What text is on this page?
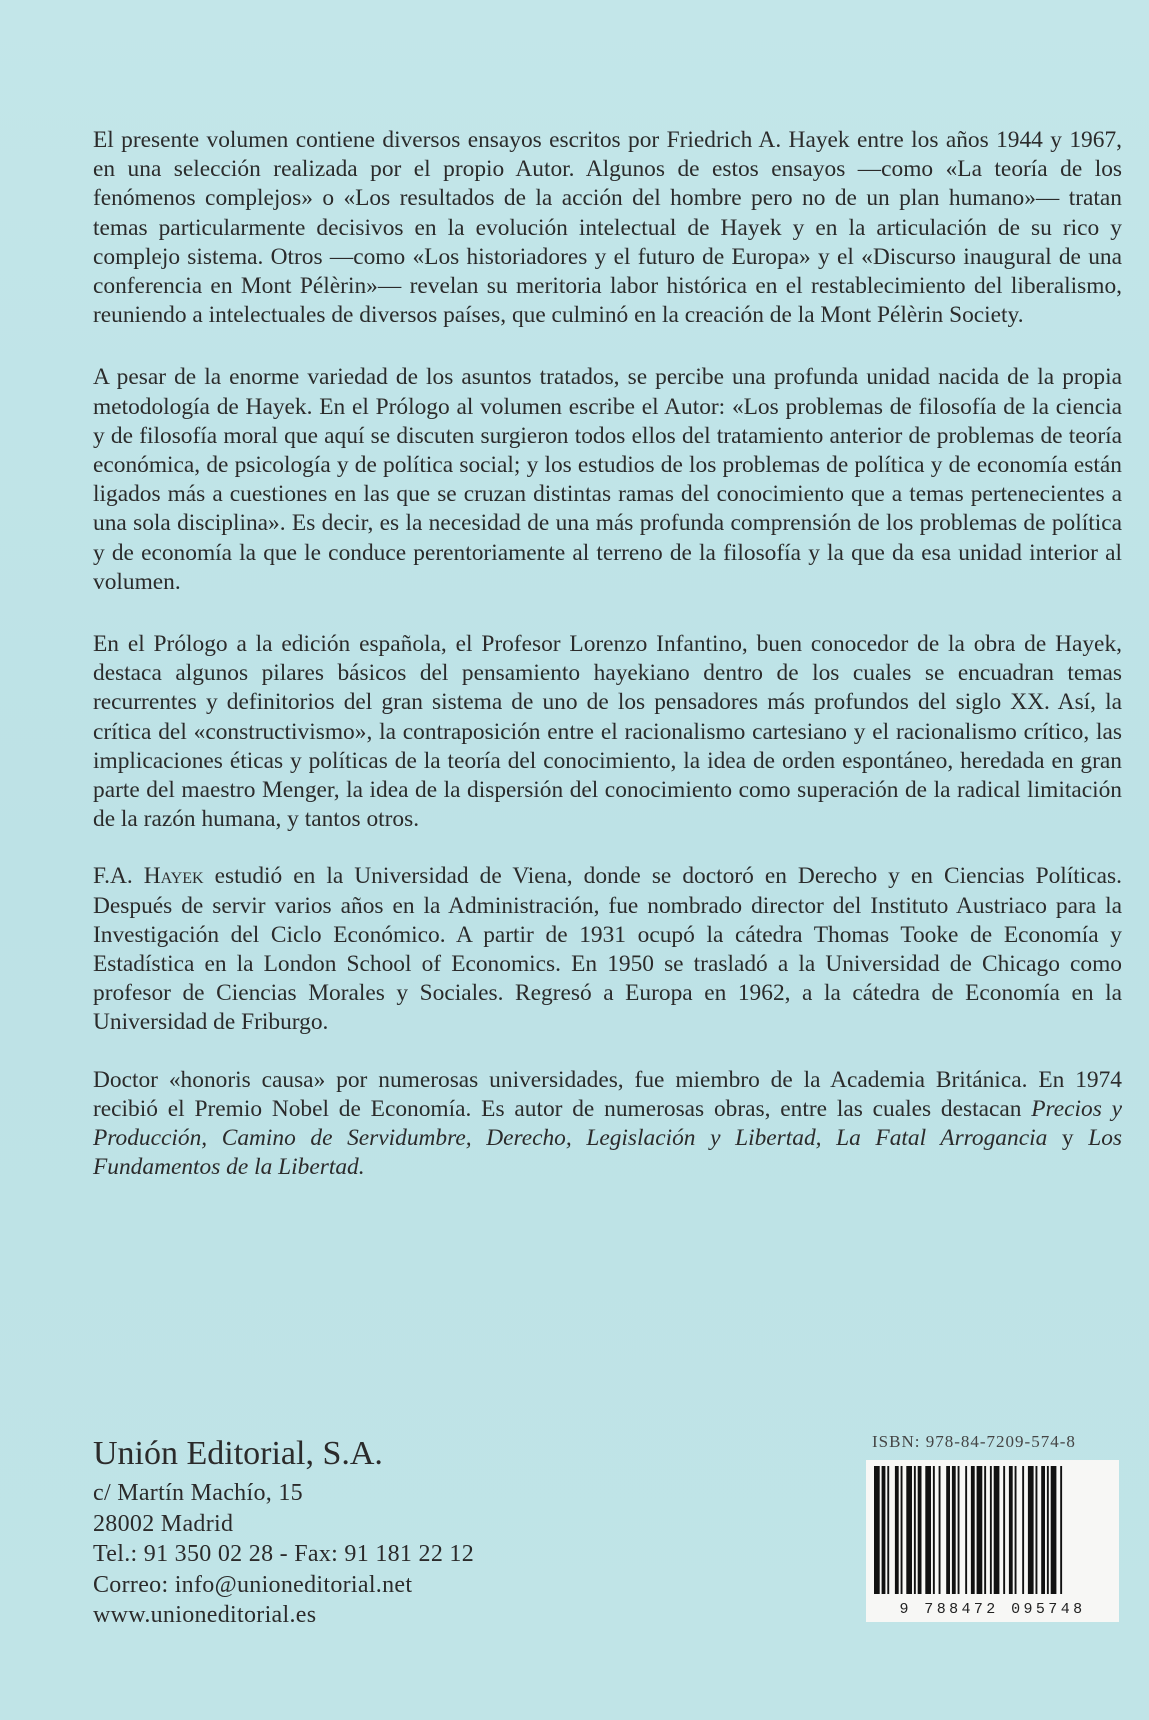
El presente volumen contiene diversos ensayos escritos por Friedrich A. Hayek entre los años 1944 y 1967, en una selección realizada por el propio Autor. Algunos de estos ensayos —como «La teoría de los fenómenos complejos» o «Los resultados de la acción del hombre pero no de un plan humano»— tratan temas particularmente decisivos en la evolución intelectual de Hayek y en la articulación de su rico y complejo sistema. Otros —como «Los historiadores y el futuro de Europa» y el «Discurso inaugural de una conferencia en Mont Pélèrin»— revelan su meritoria labor histórica en el restablecimiento del liberalismo, reuniendo a intelectuales de diversos países, que culminó en la creación de la Mont Pélèrin Society.

A pesar de la enorme variedad de los asuntos tratados, se percibe una profunda unidad nacida de la propia metodología de Hayek. En el Prólogo al volumen escribe el Autor: «Los problemas de filosofía de la ciencia y de filosofía moral que aquí se discuten surgieron todos ellos del tratamiento anterior de problemas de teoría económica, de psicología y de política social; y los estudios de los problemas de política y de economía están ligados más a cuestiones en las que se cruzan distintas ramas del conocimiento que a temas pertenecientes a una sola disciplina». Es decir, es la necesidad de una más profunda comprensión de los problemas de política y de economía la que le conduce perentoriamente al terreno de la filosofía y la que da esa unidad interior al volumen.

En el Prólogo a la edición española, el Profesor Lorenzo Infantino, buen conocedor de la obra de Hayek, destaca algunos pilares básicos del pensamiento hayekiano dentro de los cuales se encuadran temas recurrentes y definitorios del gran sistema de uno de los pensadores más profundos del siglo XX. Así, la crítica del «constructivismo», la contraposición entre el racionalismo cartesiano y el racionalismo crítico, las implicaciones éticas y políticas de la teoría del conocimiento, la idea de orden espontáneo, heredada en gran parte del maestro Menger, la idea de la dispersión del conocimiento como superación de la radical limitación de la razón humana, y tantos otros.

F.A. Hayek estudió en la Universidad de Viena, donde se doctoró en Derecho y en Ciencias Políticas. Después de servir varios años en la Administración, fue nombrado director del Instituto Austriaco para la Investigación del Ciclo Económico. A partir de 1931 ocupó la cátedra Thomas Tooke de Economía y Estadística en la London School of Economics. En 1950 se trasladó a la Universidad de Chicago como profesor de Ciencias Morales y Sociales. Regresó a Europa en 1962, a la cátedra de Economía en la Universidad de Friburgo.

Doctor «honoris causa» por numerosas universidades, fue miembro de la Academia Británica. En 1974 recibió el Premio Nobel de Economía. Es autor de numerosas obras, entre las cuales destacan Precios y Producción, Camino de Servidumbre, Derecho, Legislación y Libertad, La Fatal Arrogancia y Los Fundamentos de la Libertad.

Unión Editorial, S.A.

c/ Martín Machío, 15

28002 Madrid

Tel.: 91 350 02 28 - Fax: 91 181 22 12

Correo: info@unioneditorial.net

www.unioneditorial.es

ISBN: 978-84-7209-574-8

9 788472 095748
